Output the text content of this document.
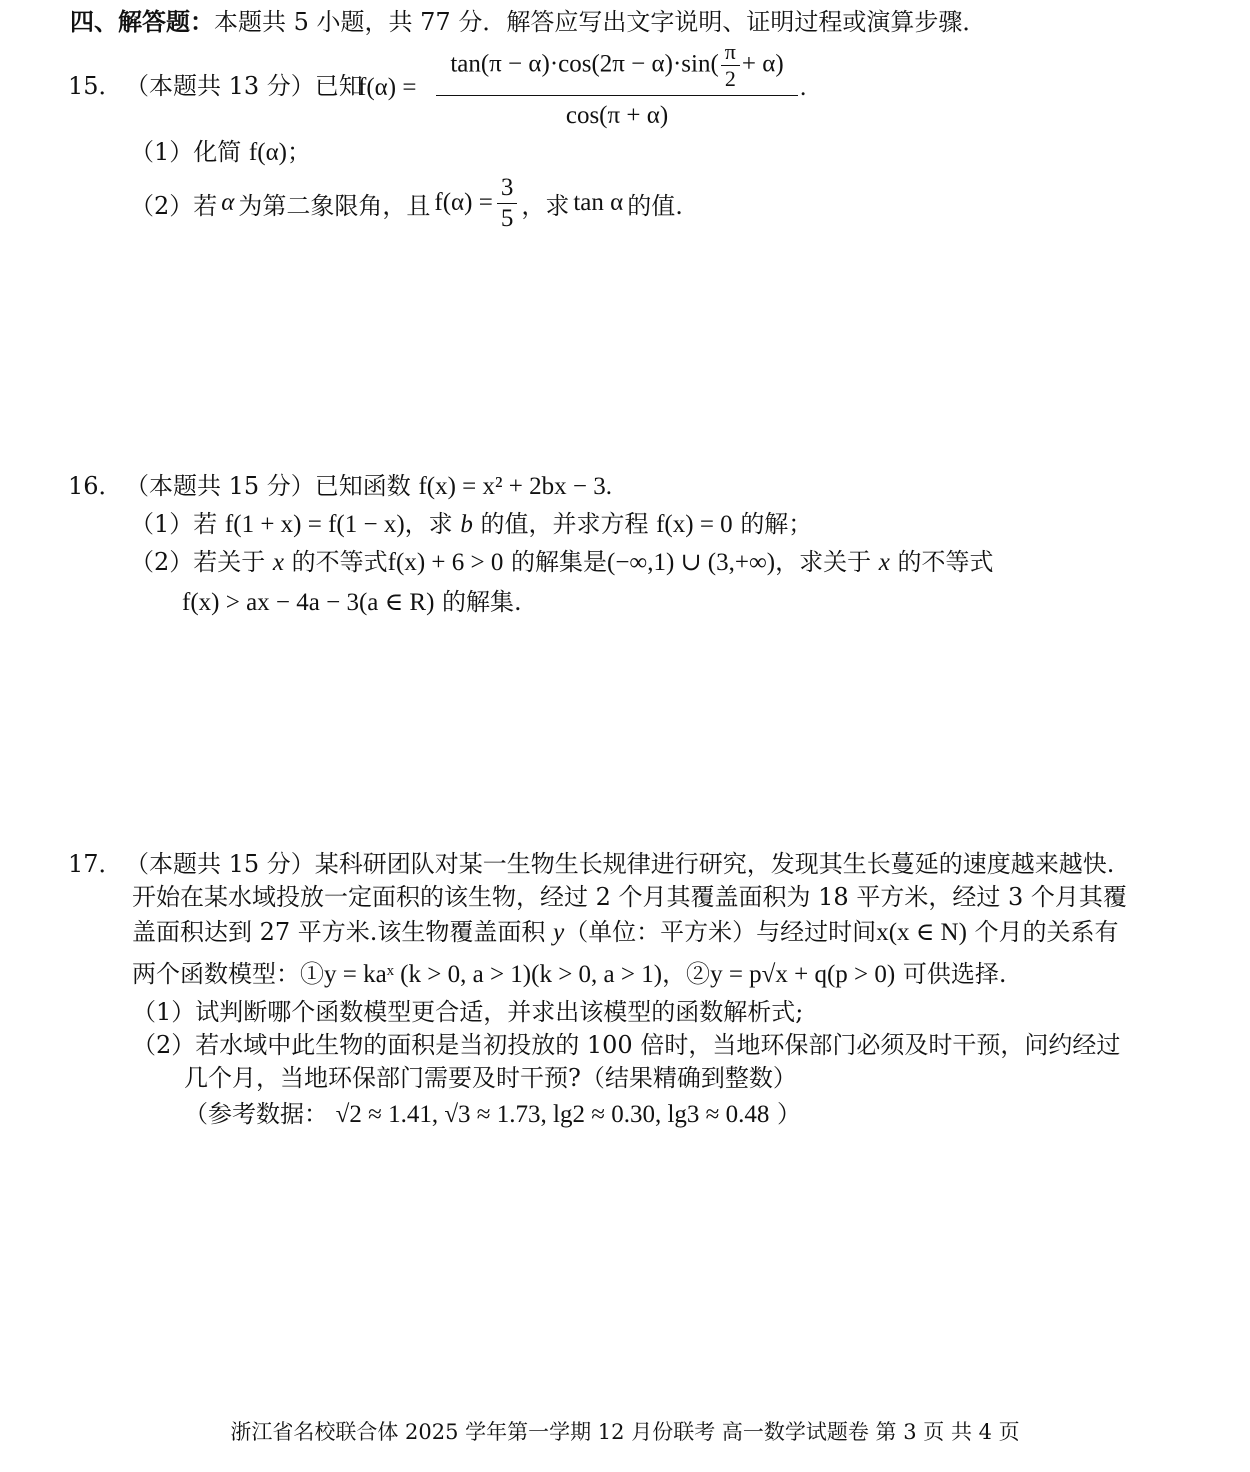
四、解答题：本题共 5 小题，共 77 分．解答应写出文字说明、证明过程或演算步骤．
15． （本题共 13 分）已知
$f(\alpha) = \frac{\tan(\pi - \alpha)\cdot\cos(2\pi - \alpha)\cdot\sin( \frac{\pi}{2} + \alpha)}{\cos(\pi + \alpha)}$ .
（1）化简 f(α)；
（2）若 α 为第二象限角，且 $f(\alpha) = \frac{3}{5}$ ，求 tan α 的值.
16． （本题共 15 分）已知函数 f(x) = x² + 2bx − 3.
（1）若 f(1 + x) = f(1 − x)，求 b 的值，并求方程 f(x) = 0 的解；
（2）若关于 x 的不等式f(x) + 6 > 0 的解集是(−∞,1) ∪ (3,+∞)，求关于 x 的不等式
f(x) > ax − 4a − 3(a ∈ R) 的解集.
17． （本题共 15 分）某科研团队对某一生物生长规律进行研究，发现其生长蔓延的速度越来越快.
开始在某水域投放一定面积的该生物，经过 2 个月其覆盖面积为 18 平方米，经过 3 个月其覆
盖面积达到 27 平方米.该生物覆盖面积 y（单位：平方米）与经过时间x(x ∈ N) 个月的关系有
两个函数模型：①y = kaˣ (k > 0, a > 1)(k > 0, a > 1)，②y = p√x + q(p > 0) 可供选择.
（1）试判断哪个函数模型更合适，并求出该模型的函数解析式;
（2）若水域中此生物的面积是当初投放的 100 倍时，当地环保部门必须及时干预，问约经过
几个月，当地环保部门需要及时干预?（结果精确到整数）
（参考数据： √2 ≈ 1.41, √3 ≈ 1.73, lg2 ≈ 0.30, lg3 ≈ 0.48 ）
浙江省名校联合体 2025 学年第一学期 12 月份联考 高一数学试题卷 第 3 页 共 4 页
